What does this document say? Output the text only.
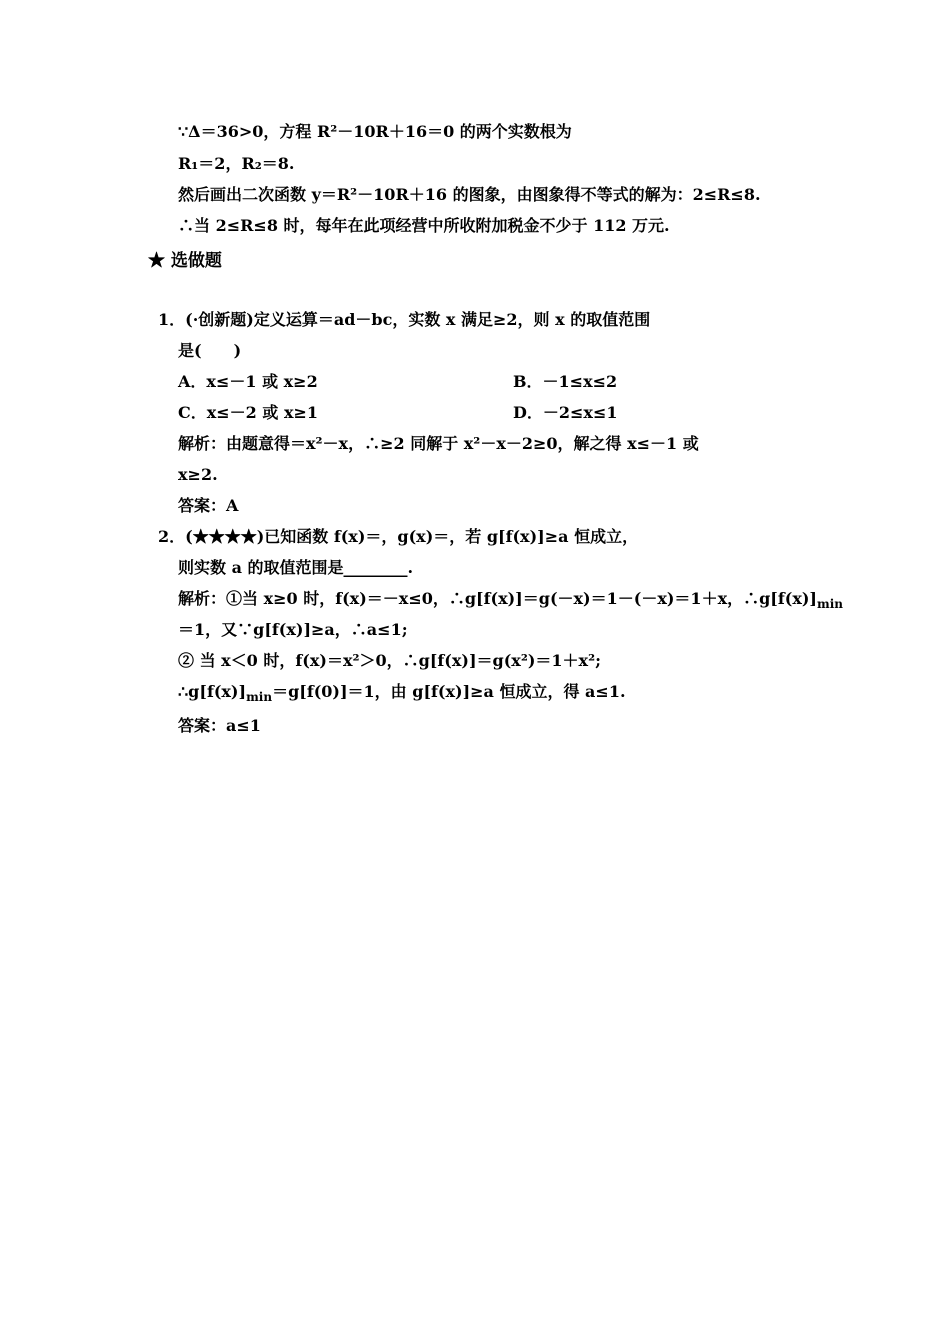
∵Δ＝36>0，方程 R²－10R＋16＝0 的两个实数根为
R₁＝2，R₂＝8.
然后画出二次函数 y＝R²－10R＋16 的图象，由图象得不等式的解为：2≤R≤8.
∴当 2≤R≤8 时，每年在此项经营中所收附加税金不少于 112 万元.
★ 选做题
1．(·创新题)定义运算＝ad－bc，实数 x 满足≥2，则 x 的取值范围
是(　　)
A．x≤－1 或 x≥2	B．－1≤x≤2
C．x≤－2 或 x≥1	D．－2≤x≤1
解析：由题意得＝x²－x，∴≥2 同解于 x²－x－2≥0，解之得 x≤－1 或
x≥2.
答案：A
2．(★★★★)已知函数 f(x)＝，g(x)＝，若 g[f(x)]≥a 恒成立，
则实数 a 的取值范围是________.
解析：①当 x≥0 时，f(x)＝－x≤0，∴g[f(x)]＝g(－x)＝1－(－x)＝1＋x，$\therefore g[f(x)]_{min}$
＝1，又∵g[f(x)]≥a，∴a≤1;
② 当 x＜0 时，f(x)＝x²＞0，∴g[f(x)]＝g(x²)＝1＋x²;
$\therefore g[f(x)]_{min}=g[f(0)]=1$，由 g[f(x)]≥a 恒成立，得 a≤1.
答案：a≤1
